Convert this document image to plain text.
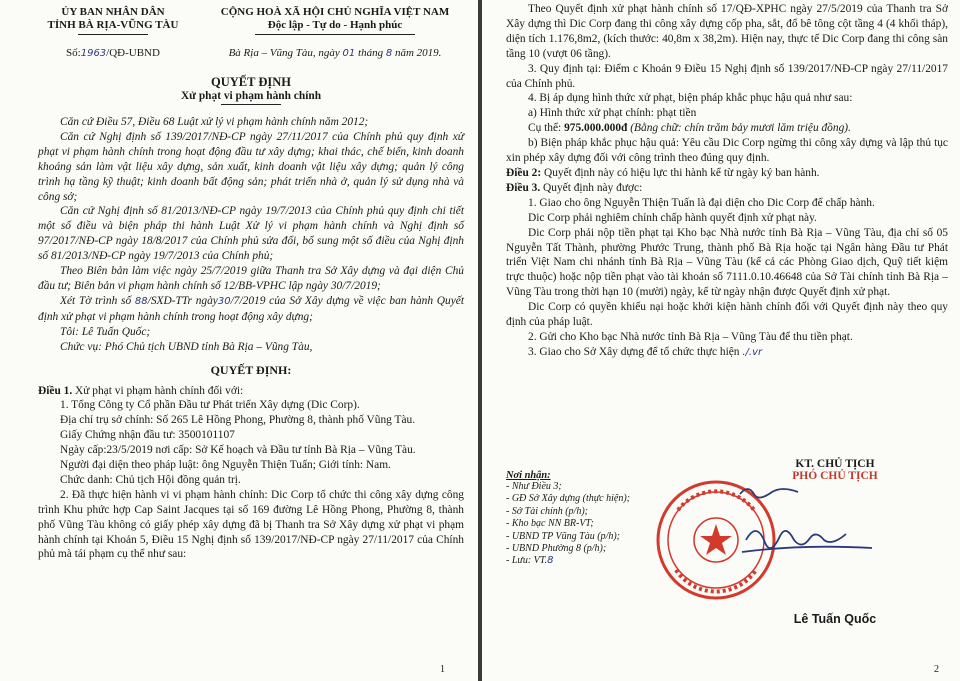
ỦY BAN NHÂN DÂN
TỈNH BÀ RỊA-VŨNG TÀU
CỘNG HOÀ XÃ HỘI CHỦ NGHĨA VIỆT NAM
Độc lập - Tự do - Hạnh phúc
Số:1963/QĐ-UBND	Bà Rịa – Vũng Tàu, ngày 01 tháng 8 năm 2019.
QUYẾT ĐỊNH
Xử phạt vi phạm hành chính

Căn cứ Điều 57, Điều 68 Luật xử lý vi phạm hành chính năm 2012;

Căn cứ Nghị định số 139/2017/NĐ-CP ngày 27/11/2017 của Chính phủ quy định xử phạt vi phạm hành chính trong hoạt động đầu tư xây dựng; khai thác, chế biến, kinh doanh khoáng sản làm vật liệu xây dựng, sản xuất, kinh doanh vật liệu xây dựng; quản lý công trình hạ tầng kỹ thuật; kinh doanh bất động sản; phát triển nhà ở, quản lý sử dụng nhà và công sở;

Căn cứ Nghị định số 81/2013/NĐ-CP ngày 19/7/2013 của Chính phủ quy định chi tiết một số điều và biện pháp thi hành Luật Xử lý vi phạm hành chính và Nghị định số 97/2017/NĐ-CP ngày 18/8/2017 của Chính phủ sửa đổi, bổ sung một số điều của Nghị định số 81/2013/NĐ-CP ngày 19/7/2013 của Chính phủ;

Theo Biên bản làm việc ngày 25/7/2019 giữa Thanh tra Sở Xây dựng và đại diện Chủ đầu tư; Biên bản vi phạm hành chính số 12/BB-VPHC lập ngày 30/7/2019;

Xét Tờ trình số 88/SXD-TTr ngày30/7/2019 của Sở Xây dựng về việc ban hành Quyết định xử phạt vi phạm hành chính trong hoạt động xây dựng;

Tôi: Lê Tuấn Quốc;

Chức vụ: Phó Chủ tịch UBND tỉnh Bà Rịa – Vũng Tàu,

QUYẾT ĐỊNH:

Điều 1. Xử phạt vi phạm hành chính đối với:

1. Tổng Công ty Cổ phần Đầu tư Phát triển Xây dựng (Dic Corp).

Địa chỉ trụ sở chính: Số 265 Lê Hồng Phong, Phường 8, thành phố Vũng Tàu.

Giấy Chứng nhận đầu tư: 3500101107

Ngày cấp:23/5/2019 nơi cấp: Sở Kế hoạch và Đầu tư tỉnh Bà Rịa – Vũng Tàu.

Người đại diện theo pháp luật: ông Nguyễn Thiện Tuấn; Giới tính: Nam.

Chức danh: Chủ tịch Hội đồng quản trị.

2. Đã thực hiện hành vi vi phạm hành chính: Dic Corp tổ chức thi công xây dựng công trình Khu phức hợp Cap Saint Jacques tại số 169 đường Lê Hồng Phong, Phường 8, thành phố Vũng Tàu không có giấy phép xây dựng đã bị Thanh tra Sở Xây dựng xử phạt vi phạm hành chính tại Khoản 5, Điều 15 Nghị định số 139/2017/NĐ-CP ngày 27/11/2017 của Chính phủ mà tái phạm cụ thể như sau:

1

Theo Quyết định xử phạt hành chính số 17/QĐ-XPHC ngày 27/5/2019 của Thanh tra Sở Xây dựng thì Dic Corp đang thi công xây dựng cốp pha, sắt, đổ bê tông cột tầng 4 (4 khối tháp), diện tích 1.176,8m2, (kích thước: 40,8m x 38,2m). Hiện nay, thực tế Dic Corp đang thi công sàn tầng 10 (vượt 06 tầng).

3. Quy định tại: Điểm c Khoản 9 Điều 15 Nghị định số 139/2017/NĐ-CP ngày 27/11/2017 của Chính phủ.

4. Bị áp dụng hình thức xử phạt, biện pháp khắc phục hậu quả như sau:

a) Hình thức xử phạt chính: phạt tiền

Cụ thể: 975.000.000đ (Bằng chữ: chín trăm bảy mươi lăm triệu đồng).

b) Biện pháp khắc phục hậu quả: Yêu cầu Dic Corp ngừng thi công xây dựng và lập thủ tục xin phép xây dựng đối với công trình theo đúng quy định.

Điều 2: Quyết định này có hiệu lực thi hành kể từ ngày ký ban hành.

Điều 3. Quyết định này được:

1. Giao cho ông Nguyễn Thiện Tuấn là đại diện cho Dic Corp để chấp hành.

Dic Corp phải nghiêm chỉnh chấp hành quyết định xử phạt này.

Dic Corp phải nộp tiền phạt tại Kho bạc Nhà nước tỉnh Bà Rịa – Vũng Tàu, địa chỉ số 05 Nguyễn Tất Thành, phường Phước Trung, thành phố Bà Rịa hoặc tại Ngân hàng Đầu tư Phát triển Việt Nam chi nhánh tỉnh Bà Rịa – Vũng Tàu (kể cả các Phòng Giao dịch, Quỹ tiết kiệm trực thuộc) hoặc nộp tiền phạt vào tài khoản số 7111.0.10.46648 của Sở Tài chính tỉnh Bà Rịa – Vũng Tàu trong thời hạn 10 (mười) ngày, kể từ ngày nhận được Quyết định xử phạt.

Dic Corp có quyền khiếu nại hoặc khởi kiện hành chính đối với Quyết định này theo quy định của pháp luật.

2. Gửi cho Kho bạc Nhà nước tỉnh Bà Rịa – Vũng Tàu để thu tiền phạt.

3. Giao cho Sở Xây dựng để tổ chức thực hiện ./.vr

Nơi nhận:

- Như Điều 3;

- GĐ Sở Xây dựng (thực hiện);

- Sở Tài chính (p/h);

- Kho bạc NN BR-VT;

- UBND TP Vũng Tàu (p/h);

- UBND Phường 8 (p/h);

- Lưu: VT.8

KT. CHỦ TỊCH
PHÓ CHỦ TỊCH
Lê Tuấn Quốc
2
